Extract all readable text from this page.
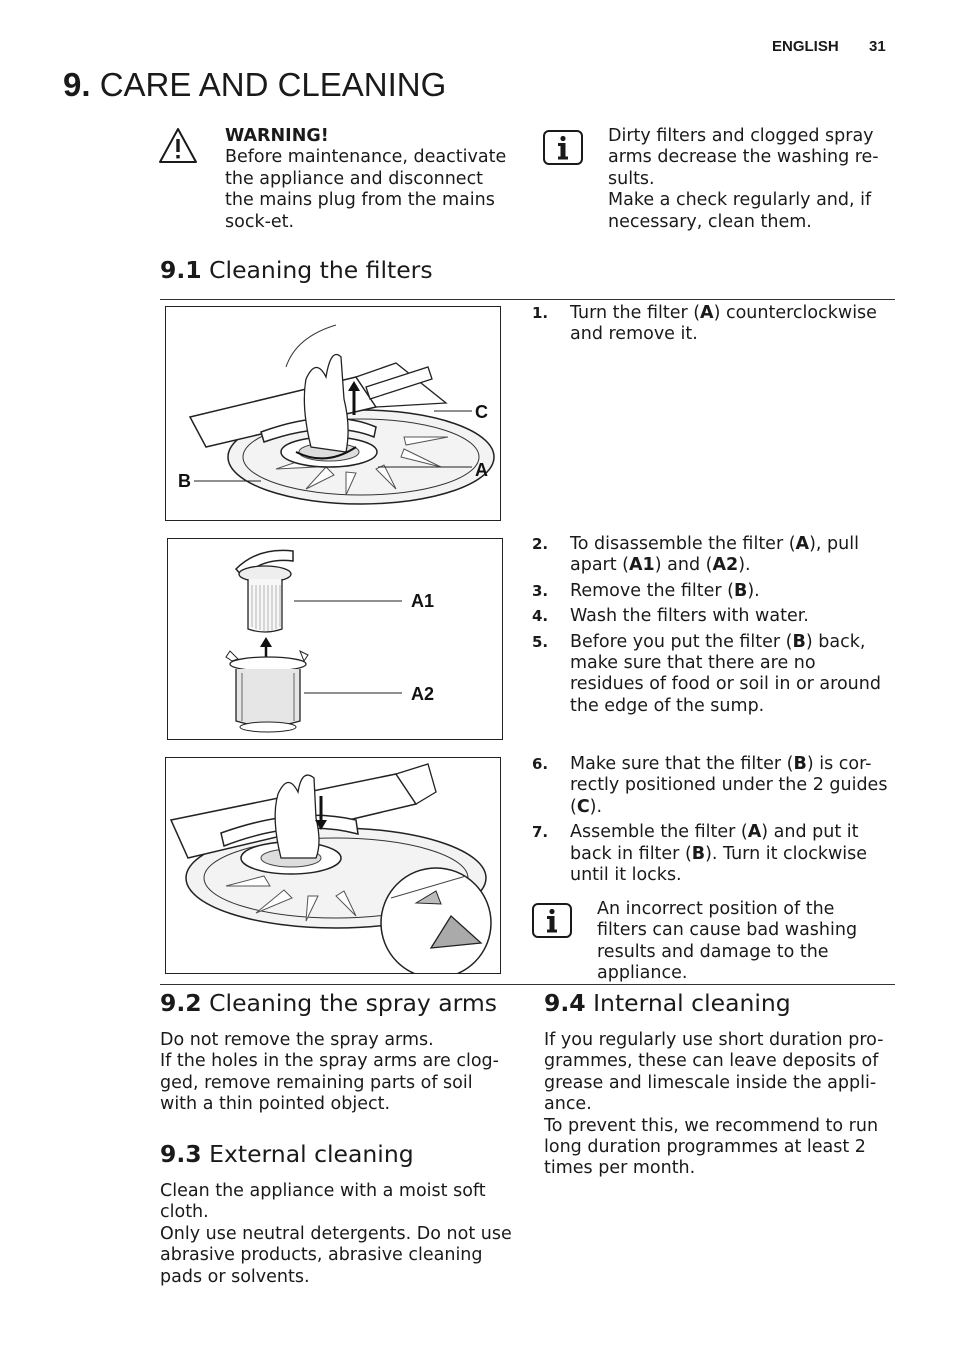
ENGLISH 31
9. CARE AND CLEANING
WARNING!
Before maintenance, deactivate the appliance and disconnect the mains plug from the mains sock-et.
Dirty filters and clogged spray arms decrease the washing re-sults.
Make a check regularly and, if necessary, clean them.
9.1 Cleaning the filters
C
A
B
1. Turn the filter (A) counterclockwise and remove it.
A1
A2
2. To disassemble the filter (A), pull apart (A1) and (A2).
3. Remove the filter (B).
4. Wash the filters with water.
5. Before you put the filter (B) back, make sure that there are no residues of food or soil in or around the edge of the sump.
6. Make sure that the filter (B) is cor-rectly positioned under the 2 guides (C).
7. Assemble the filter (A) and put it back in filter (B). Turn it clockwise until it locks.
An incorrect position of the filters can cause bad washing results and damage to the appliance.
9.2 Cleaning the spray arms
Do not remove the spray arms.
If the holes in the spray arms are clog-ged, remove remaining parts of soil with a thin pointed object.
9.3 External cleaning
Clean the appliance with a moist soft cloth.
Only use neutral detergents. Do not use abrasive products, abrasive cleaning pads or solvents.
9.4 Internal cleaning
If you regularly use short duration pro-grammes, these can leave deposits of grease and limescale inside the appli-ance.
To prevent this, we recommend to run long duration programmes at least 2 times per month.
